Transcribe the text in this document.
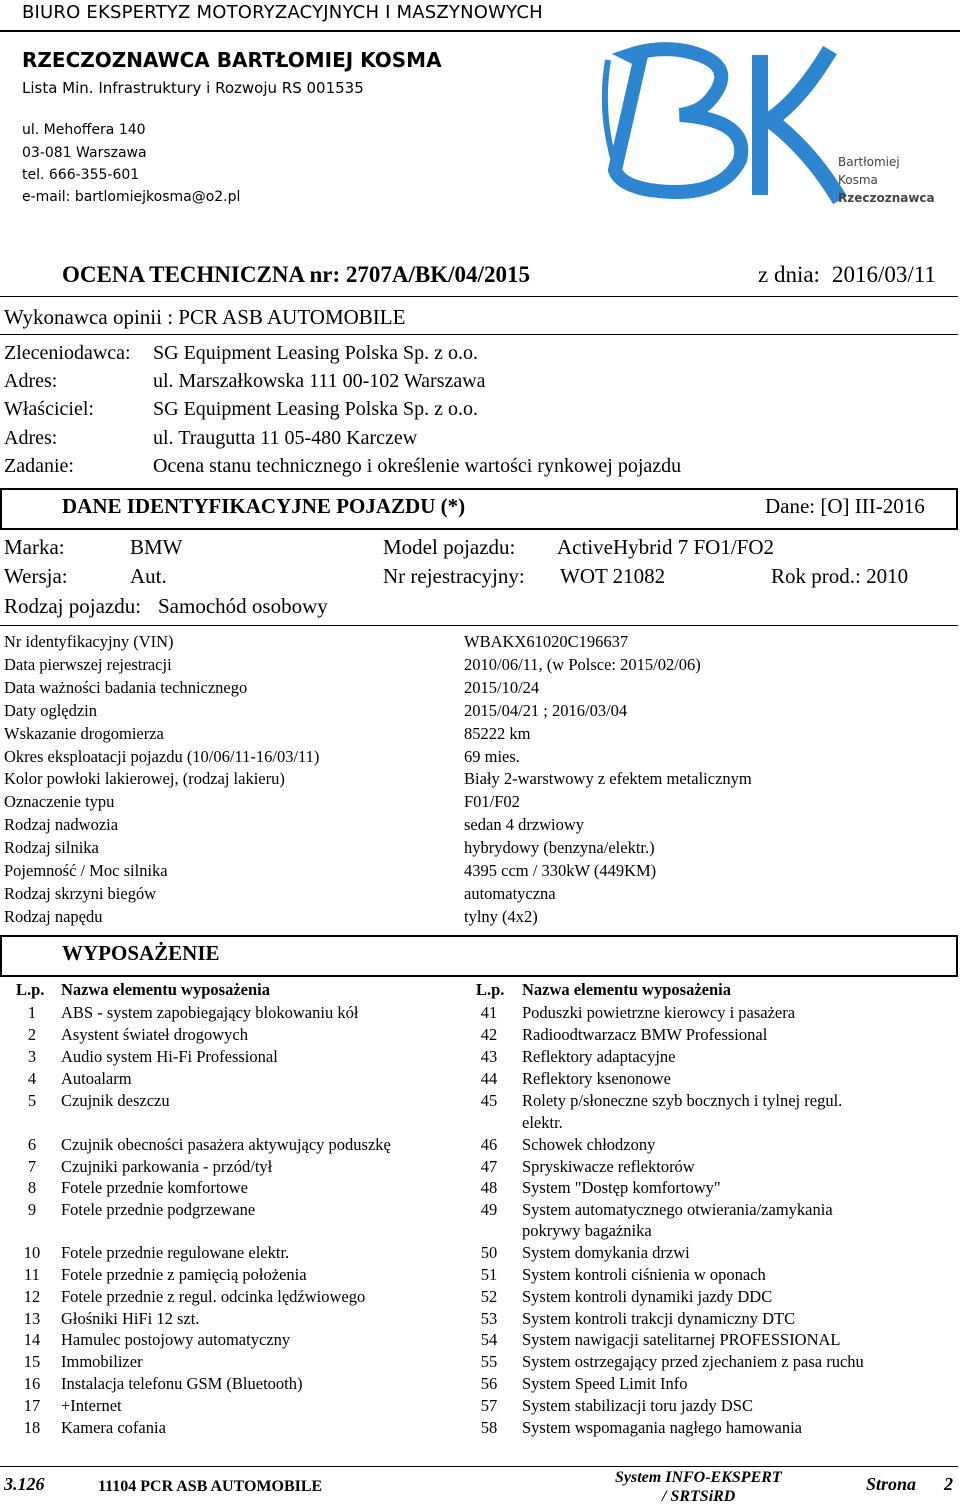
BIURO EKSPERTYZ MOTORYZACYJNYCH I MASZYNOWYCH
RZECZOZNAWCA BARTŁOMIEJ KOSMA
Lista Min. Infrastruktury i Rozwoju RS 001535
ul. Mehoffera 140
03-081 Warszawa
tel. 666-355-601
e-mail: bartlomiejkosma@o2.pl
Bartłomiej
Kosma
Rzeczoznawca
OCENA TECHNICZNA nr: 2707A/BK/04/2015	z dnia: 2016/03/11
Wykonawca opinii : PCR ASB AUTOMOBILE
Zleceniodawca: SG Equipment Leasing Polska Sp. z o.o.
Adres:	ul. Marszałkowska 111 00-102 Warszawa
Właściciel:	SG Equipment Leasing Polska Sp. z o.o.
Adres:	ul. Traugutta 11 05-480 Karczew
Zadanie:	Ocena stanu technicznego i określenie wartości rynkowej pojazdu
DANE IDENTYFIKACYJNE POJAZDU (*)	Dane: [O] III-2016
Marka:	BMW	Model pojazdu: ActiveHybrid 7 FO1/FO2
Wersja:	Aut.	Nr rejestracyjny: WOT 21082	Rok prod.: 2010
Rodzaj pojazdu: Samochód osobowy
Nr identyfikacyjny (VIN)	WBAKX61020C196637
Data pierwszej rejestracji	2010/06/11, (w Polsce: 2015/02/06)
Data ważności badania technicznego	2015/10/24
Daty oględzin	2015/04/21 ; 2016/03/04
Wskazanie drogomierza	85222 km
Okres eksploatacji pojazdu (10/06/11-16/03/11)	69 mies.
Kolor powłoki lakierowej, (rodzaj lakieru)	Biały 2-warstwowy z efektem metalicznym
Oznaczenie typu	F01/F02
Rodzaj nadwozia	sedan 4 drzwiowy
Rodzaj silnika	hybrydowy (benzyna/elektr.)
Pojemność / Moc silnika	4395 ccm / 330kW (449KM)
Rodzaj skrzyni biegów	automatyczna
Rodzaj napędu	tylny (4x2)
WYPOSAŻENIE
L.p. Nazwa elementu wyposażenia	L.p. Nazwa elementu wyposażenia
1 ABS - system zapobiegający blokowaniu kół
2 Asystent świateł drogowych
3 Audio system Hi-Fi Professional
4 Autoalarm
5 Czujnik deszczu
6 Czujnik obecności pasażera aktywujący poduszkę
7 Czujniki parkowania - przód/tył
8 Fotele przednie komfortowe
9 Fotele przednie podgrzewane
10 Fotele przednie regulowane elektr.
11 Fotele przednie z pamięcią położenia
12 Fotele przednie z regul. odcinka lędźwiowego
13 Głośniki HiFi 12 szt.
14 Hamulec postojowy automatyczny
15 Immobilizer
16 Instalacja telefonu GSM (Bluetooth)
17 +Internet
18 Kamera cofania
41 Poduszki powietrzne kierowcy i pasażera
42 Radioodtwarzacz BMW Professional
43 Reflektory adaptacyjne
44 Reflektory ksenonowe
45 Rolety p/słoneczne szyb bocznych i tylnej regul.
elektr.
46 Schowek chłodzony
47 Spryskiwacze reflektorów
48 System "Dostęp komfortowy"
49 System automatycznego otwierania/zamykania
pokrywy bagażnika
50 System domykania drzwi
51 System kontroli ciśnienia w oponach
52 System kontroli dynamiki jazdy DDC
53 System kontroli trakcji dynamiczny DTC
54 System nawigacji satelitarnej PROFESSIONAL
55 System ostrzegający przed zjechaniem z pasa ruchu
56 System Speed Limit Info
57 System stabilizacji toru jazdy DSC
58 System wspomagania nagłego hamowania
3.126	11104 PCR ASB AUTOMOBILE
System INFO-EKSPERT
/ SRTSiRD
Strona 2
